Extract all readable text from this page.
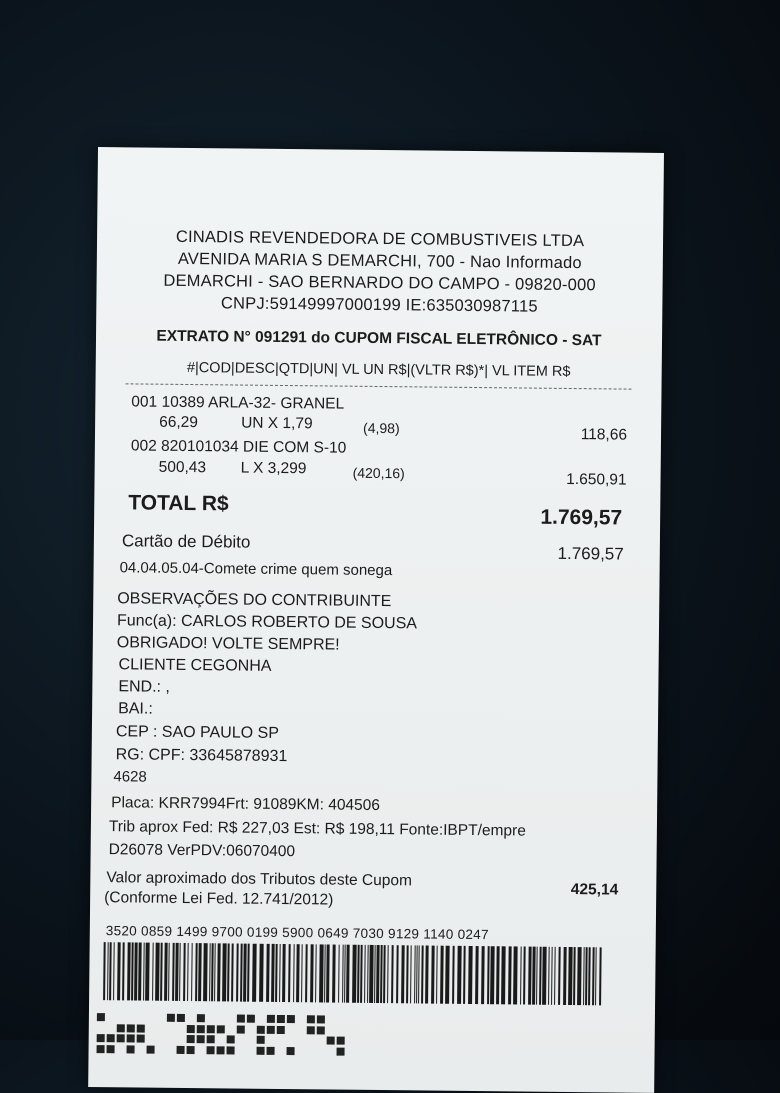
CINADIS REVENDEDORA DE COMBUSTIVEIS LTDA
AVENIDA MARIA S DEMARCHI, 700 - Nao Informado
DEMARCHI - SAO BERNARDO DO CAMPO - 09820-000
CNPJ:59149997000199 IE:635030987115
EXTRATO N° 091291 do CUPOM FISCAL ELETRÔNICO - SAT
#|COD|DESC|QTD|UN| VL UN R$|(VLTR R$)*| VL ITEM R$
001 10389 ARLA-32- GRANEL
66,29	UN X 1,79	(4,98)	118,66
002 820101034 DIE COM S-10
500,43 L X 3,299	(420,16)	1.650,91
TOTAL R$
1.769,57
Cartão de Débito
1.769,57
04.04.05.04-Comete crime quem sonega
OBSERVAÇÕES DO CONTRIBUINTE
Func(a): CARLOS ROBERTO DE SOUSA
OBRIGADO! VOLTE SEMPRE!
CLIENTE CEGONHA
END.: ,
BAI.:
CEP : SAO PAULO SP
RG: CPF: 33645878931
4628
Placa: KRR7994Frt: 91089KM: 404506
Trib aprox Fed: R$ 227,03 Est: R$ 198,11 Fonte:IBPT/empre
D26078 VerPDV:06070400
Valor aproximado dos Tributos deste Cupom
425,14
(Conforme Lei Fed. 12.741/2012)
3520 0859 1499 9700 0199 5900 0649 7030 9129 1140 0247
